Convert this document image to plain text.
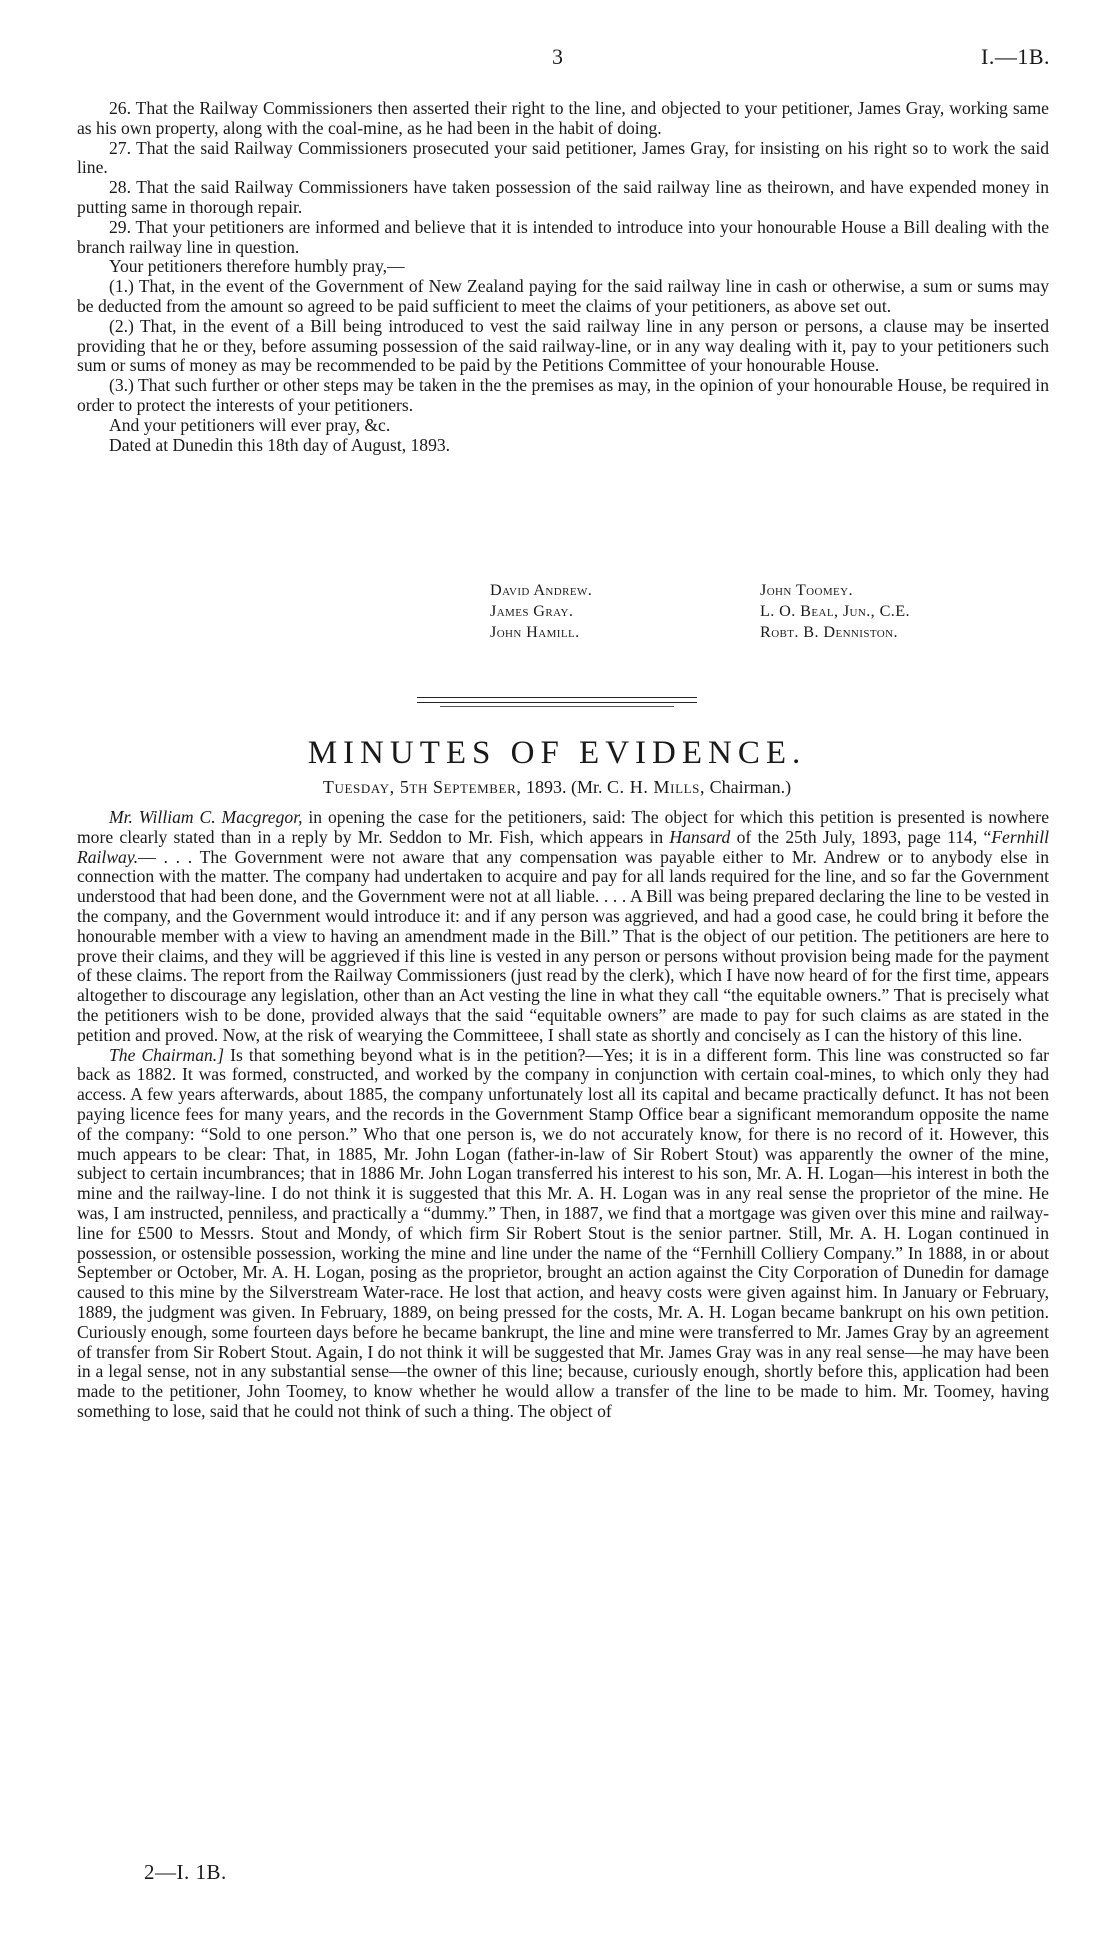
3	I.—1B.

26. That the Railway Commissioners then asserted their right to the line, and objected to your petitioner, James Gray, working same as his own property, along with the coal-mine, as he had been in the habit of doing.

27. That the said Railway Commissioners prosecuted your said petitioner, James Gray, for insisting on his right so to work the said line.

28. That the said Railway Commissioners have taken possession of the said railway line as theirown, and have expended money in putting same in thorough repair.

29. That your petitioners are informed and believe that it is intended to introduce into your honourable House a Bill dealing with the branch railway line in question.

Your petitioners therefore humbly pray,—

(1.) That, in the event of the Government of New Zealand paying for the said railway line in cash or otherwise, a sum or sums may be deducted from the amount so agreed to be paid sufficient to meet the claims of your petitioners, as above set out.

(2.) That, in the event of a Bill being introduced to vest the said railway line in any person or persons, a clause may be inserted providing that he or they, before assuming possession of the said railway-line, or in any way dealing with it, pay to your petitioners such sum or sums of money as may be recommended to be paid by the Petitions Committee of your honourable House.

(3.) That such further or other steps may be taken in the the premises as may, in the opinion of your honourable House, be required in order to protect the interests of your petitioners.

And your petitioners will ever pray, &c.

Dated at Dunedin this 18th day of August, 1893.

David Andrew.
James Gray.
John Hamill.
John Toomey.
L. O. Beal, Jun., C.E.
Robt. B. Denniston.
MINUTES OF EVIDENCE.
Tuesday, 5th September, 1893. (Mr. C. H. Mills, Chairman.)

Mr. William C. Macgregor, in opening the case for the petitioners, said: The object for which this petition is presented is nowhere more clearly stated than in a reply by Mr. Seddon to Mr. Fish, which appears in Hansard of the 25th July, 1893, page 114, “Fernhill Railway.— . . . The Government were not aware that any compensation was payable either to Mr. Andrew or to anybody else in connection with the matter. The company had undertaken to acquire and pay for all lands required for the line, and so far the Government understood that had been done, and the Government were not at all liable. . . . A Bill was being prepared declaring the line to be vested in the company, and the Government would introduce it: and if any person was aggrieved, and had a good case, he could bring it before the honourable member with a view to having an amendment made in the Bill.” That is the object of our petition. The petitioners are here to prove their claims, and they will be aggrieved if this line is vested in any person or persons without provision being made for the payment of these claims. The report from the Railway Commissioners (just read by the clerk), which I have now heard of for the first time, appears altogether to discourage any legislation, other than an Act vesting the line in what they call “the equitable owners.” That is precisely what the petitioners wish to be done, provided always that the said “equitable owners” are made to pay for such claims as are stated in the petition and proved. Now, at the risk of wearying the Committeee, I shall state as shortly and concisely as I can the history of this line.

The Chairman.] Is that something beyond what is in the petition?—Yes; it is in a different form. This line was constructed so far back as 1882. It was formed, constructed, and worked by the company in conjunction with certain coal-mines, to which only they had access. A few years afterwards, about 1885, the company unfortunately lost all its capital and became practically defunct. It has not been paying licence fees for many years, and the records in the Government Stamp Office bear a significant memorandum opposite the name of the company: “Sold to one person.” Who that one person is, we do not accurately know, for there is no record of it. However, this much appears to be clear: That, in 1885, Mr. John Logan (father-in-law of Sir Robert Stout) was apparently the owner of the mine, subject to certain incumbrances; that in 1886 Mr. John Logan transferred his interest to his son, Mr. A. H. Logan—his interest in both the mine and the railway-line. I do not think it is suggested that this Mr. A. H. Logan was in any real sense the proprietor of the mine. He was, I am instructed, penniless, and practically a “dummy.” Then, in 1887, we find that a mortgage was given over this mine and railway-line for £500 to Messrs. Stout and Mondy, of which firm Sir Robert Stout is the senior partner. Still, Mr. A. H. Logan continued in possession, or ostensible possession, working the mine and line under the name of the “Fernhill Colliery Company.” In 1888, in or about September or October, Mr. A. H. Logan, posing as the proprietor, brought an action against the City Corporation of Dunedin for damage caused to this mine by the Silverstream Water-race. He lost that action, and heavy costs were given against him. In January or February, 1889, the judgment was given. In February, 1889, on being pressed for the costs, Mr. A. H. Logan became bankrupt on his own petition. Curiously enough, some fourteen days before he became bankrupt, the line and mine were transferred to Mr. James Gray by an agreement of transfer from Sir Robert Stout. Again, I do not think it will be suggested that Mr. James Gray was in any real sense—he may have been in a legal sense, not in any substantial sense—the owner of this line; because, curiously enough, shortly before this, application had been made to the petitioner, John Toomey, to know whether he would allow a transfer of the line to be made to him. Mr. Toomey, having something to lose, said that he could not think of such a thing. The object of

2—I. 1B.
